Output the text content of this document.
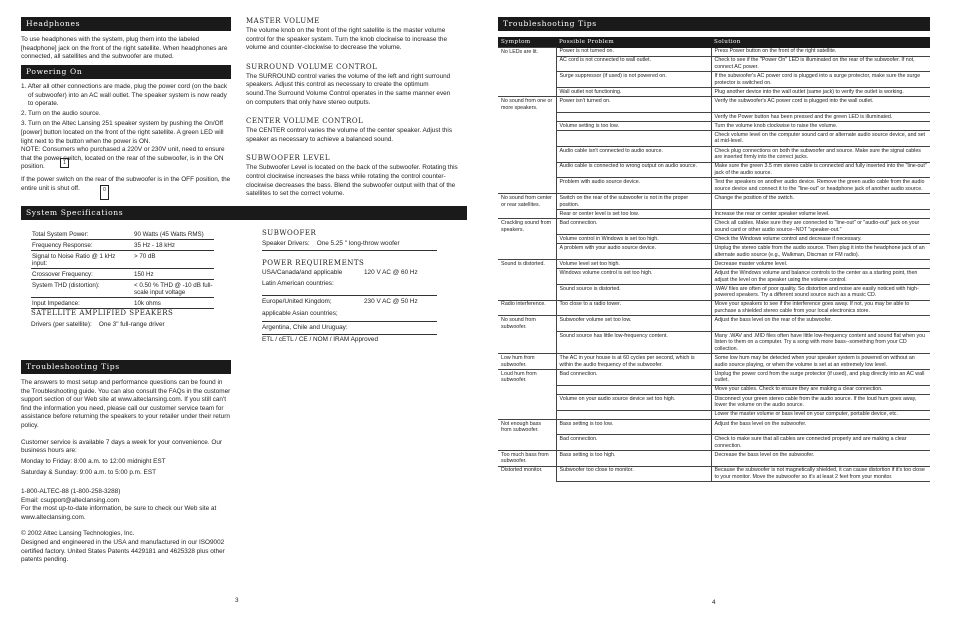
Headphones

To use headphones with the system, plug them into the labeled [headphone] jack on the front of the right satellite. When headphones are connected, all satellites and the subwoofer are muted.

Powering On

1. After all other connections are made, plug the power cord (on the back of subwoofer) into an AC wall outlet. The speaker system is now ready to operate.

2. Turn on the audio source.

3. Turn on the Altec Lansing 251 speaker system by pushing the On/Off [power] button located on the front of the right satellite. A green LED will light next to the button when the power is ON.

NOTE: Consumers who purchased a 220V or 230V unit, need to ensure that the power switch, located on the rear of the subwoofer, is in the ON position.

1

If the power switch on the rear of the subwoofer is in the OFF position, the entire unit is shut off.	0
System Specifications
Total System Power:	90 Watts (45 Watts RMS)
Frequency Response:	35 Hz - 18 kHz
Signal to Noise Ratio @ 1 kHz input:	> 70 dB
Crossover Frequency:	150 Hz
System THD (distortion):	< 0.50 % THD @ -10 dB full-scale input voltage
Input Impedance:	10k ohms

SATELLITE AMPLIFIED SPEAKERS

Drivers (per satellite):    One 3" full-range driver

SUBWOOFER

Speaker Drivers:    One 5.25 " long-throw woofer

POWER REQUIREMENTS

USA/Canada/and applicable	120 V AC @ 60 Hz
Latin American countries:
Europe/United Kingdom;	230 V AC @ 50 Hz
applicable Asian countries;
Argentina, Chile and Uruguay:

ETL / cETL / CE / NOM / IRAM Approved

Troubleshooting Tips

The answers to most setup and performance questions can be found in the Troubleshooting guide. You can also consult the FAQs in the customer support section of our Web site at www.alteclansing.com. If you still can't find the information you need, please call our customer service team for assistance before returning the speakers to your retailer under their return policy.

Customer service is available 7 days a week for your convenience. Our business hours are:

Monday to Friday: 8:00 a.m. to 12:00 midnight EST

Saturday & Sunday: 9:00 a.m. to 5:00 p.m. EST

1-800-ALTEC-88 (1-800-258-3288)

Email: csupport@alteclansing.com

For the most up-to-date information, be sure to check our Web site at www.alteclansing.com.

© 2002 Altec Lansing Technologies, Inc.

Designed and engineered in the USA and manufactured in our ISO9002 certified factory. United States Patents 4429181 and 4625328 plus other patents pending.

3

MASTER VOLUME

The volume knob on the front of the right satellite is the master volume control for the speaker system. Turn the knob clockwise to increase the volume and counter-clockwise to decrease the volume.

SURROUND VOLUME CONTROL

The SURROUND control varies the volume of the left and right surround speakers. Adjust this control as necessary to create the optimum sound.The Surround Volume Control operates in the same manner even on computers that only have stereo outputs.

CENTER VOLUME CONTROL

The CENTER control varies the volume of the center speaker. Adjust this speaker as necessary to achieve a balanced sound.

SUBWOOFER LEVEL

The Subwoofer Level is located on the back of the subwoofer. Rotating this control clockwise increases the bass while rotating the control counter-clockwise decreases the bass. Blend the subwoofer output with that of the satellites to set the correct volume.

Troubleshooting Tips
Symptom	Possible Problem	Solution
No LEDs are lit.	Power is not turned on.	Press Power button on the front of the right satellite.
	AC cord is not connected to wall outlet.	Check to see if the "Power On" LED is illuminated on the rear of the subwoofer. If not, connect AC power.
	Surge suppressor (if used) is not powered on.	If the subwoofer's AC power cord is plugged into a surge protector, make sure the surge protector is switched on.
	Wall outlet not functioning.	Plug another device into the wall outlet (same jack) to verify the outlet is working.
No sound from one or more speakers.	Power isn't turned on.	Verify the subwoofer's AC power cord is plugged into the wall outlet.
		Verify the Power button has been pressed and the green LED is illuminated.
	Volume setting is too low.	Turn the volume knob clockwise to raise the volume.
		Check volume level on the computer sound card or alternate audio source device, and set at mid-level.
	Audio cable isn't connected to audio source.	Check plug connections on both the subwoofer and source. Make sure the signal cables are inserted firmly into the correct jacks.
	Audio cable is connected to wrong output on audio source.	Make sure the green 3.5 mm stereo cable is connected and fully inserted into the "line-out" jack of the audio source.
	Problem with audio source device.	Test the speakers on another audio device. Remove the green audio cable from the audio source device and connect it to the "line-out" or headphone jack of another audio source.
No sound from center or rear satellites.	Switch on the rear of the subwoofer is not in the proper position.	Change the position of the switch.
	Rear or center level is set too low.	Increase the rear or center speaker volume level.
Crackling sound from speakers.	Bad connection.	Check all cables. Make sure they are connected to "line-out" or "audio-out" jack on your sound card or other audio source--NOT "speaker-out."
	Volume control in Windows is set too high.	Check the Windows volume control and decrease if necessary.
	A problem with your audio source device.	Unplug the stereo cable from the audio source. Then plug it into the headphone jack of an alternate audio source (e.g., Walkman, Discman or FM radio).
Sound is distorted.	Volume level set too high.	Decrease master volume level.
	Windows volume control is set too high.	Adjust the Windows volume and balance controls to the center as a starting point, then adjust the level on the speaker using the volume control.
	Sound source is distorted.	.WAV files are often of poor quality. So distortion and noise are easily noticed with high-powered speakers. Try a different sound source such as a music CD.
Radio interference.	Too close to a radio tower.	Move your speakers to see if the interference goes away. If not, you may be able to purchase a shielded stereo cable from your local electronics store.
No sound from subwoofer.	Subwoofer volume set too low.	Adjust the bass level on the rear of the subwoofer.
	Sound source has little low-frequency content.	Many .WAV and .MID files often have little low-frequency content and sound flat when you listen to them on a computer. Try a song with more bass--something from your CD collection.
Low hum from subwoofer.	The AC in your house is at 60 cycles per second, which is within the audio frequency of the subwoofer.	Some low hum may be detected when your speaker system is powered on without an audio source playing, or when the volume is set at an extremely low level.
Loud hum from subwoofer.	Bad connection.	Unplug the power cord from the surge protector (if used), and plug directly into an AC wall outlet.
		Move your cables. Check to ensure they are making a clear connection.
	Volume on your audio source device set too high.	Disconnect your green stereo cable from the audio source. If the loud hum goes away, lower the volume on the audio source.
		Lower the master volume or bass level on your computer, portable device, etc.
Not enough bass from subwoofer.	Bass setting is too low.	Adjust the bass level on the subwoofer.
	Bad connection.	Check to make sure that all cables are connected properly and are making a clear connection.
Too much bass from subwoofer.	Bass setting is too high.	Decrease the bass level on the subwoofer.
Distorted monitor.	Subwoofer too close to monitor.	Because the subwoofer is not magnetically shielded, it can cause distortion if it's too close to your monitor. Move the subwoofer so it's at least 2 feet from your monitor.
4
